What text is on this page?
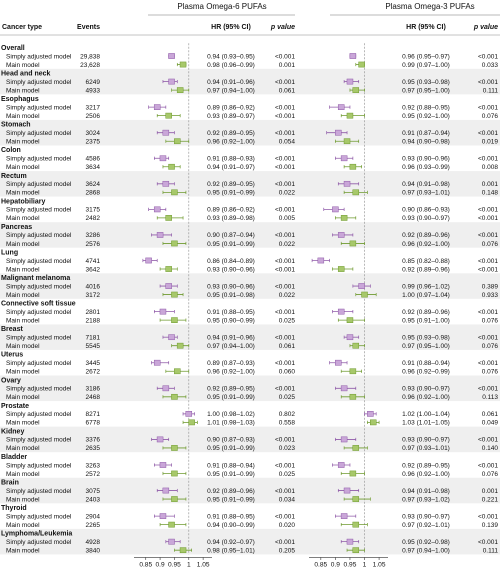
Plasma Omega-6 PUFAs	Plasma Omega-3 PUFAs
Cancer type	Events	HR (95% CI)	p value	HR (95% CI)	p value
0.85 0.9 0.95 1 1.05	0.85 0.9 0.95 1 1.05
Overall
Simply adjusted model 29,838	0.94 (0.93–0.95)	<0.001	0.96 (0.95–0.97)	<0.001
Main model	23,628	0.98 (0.96–0.99)	0.001	0.99 (0.97–1.00)	0.033
Head and neck
Simply adjusted model 6249	0.94 (0.91–0.96)	<0.001	0.95 (0.93–0.98)	<0.001
Main model	4933	0.97 (0.94–1.00)	0.061	0.97 (0.95–1.00)	0.111
Esophagus
Simply adjusted model 3217	0.89 (0.86–0.92)	<0.001	0.92 (0.88–0.95)	<0.001
Main model	2506	0.93 (0.89–0.97)	<0.001	0.95 (0.92–1.00)	0.076
Stomach
Simply adjusted model 3024	0.92 (0.89–0.95)	<0.001	0.91 (0.87–0.94)	<0.001
Main model	2375	0.96 (0.92–1.00)	0.054	0.94 (0.90–0.98)	0.019
Colon
Simply adjusted model 4586	0.91 (0.88–0.93)	<0.001	0.93 (0.90–0.96)	<0.001
Main model	3634	0.94 (0.91–0.97)	<0.001	0.96 (0.93–0.99)	0.008
Rectum
Simply adjusted model 3624	0.92 (0.89–0.95)	<0.001	0.94 (0.91–0.98)	0.001
Main model	2868	0.95 (0.91–0.99)	0.022	0.97 (0.93–1.01)	0.148
Hepatobiliary
Simply adjusted model 3175	0.89 (0.86–0.92)	<0.001	0.90 (0.86–0.93)	<0.001
Main model	2482	0.93 (0.89–0.98)	0.005	0.93 (0.90–0.97)	<0.001
Pancreas
Simply adjusted model 3286	0.90 (0.87–0.94)	<0.001	0.92 (0.89–0.96)	<0.001
Main model	2576	0.95 (0.91–0.99)	0.022	0.96 (0.92–1.00)	0.076
Lung
Simply adjusted model 4741	0.86 (0.84–0.89)	<0.001	0.85 (0.82–0.88)	<0.001
Main model	3642	0.93 (0.90–0.96)	<0.001	0.92 (0.89–0.96)	<0.001
Malignant melanoma
Simply adjusted model 4016	0.93 (0.90–0.96)	<0.001	0.99 (0.96–1.02)	0.389
Main model	3172	0.95 (0.91–0.98)	0.022	1.00 (0.97–1.04)	0.933
Connective soft tissue
Simply adjusted model 2801	0.91 (0.88–0.95)	<0.001	0.92 (0.89–0.96)	<0.001
Main model	2188	0.95 (0.90–0.99)	0.025	0.95 (0.91–1.00)	0.076
Breast
Simply adjusted model 7181	0.94 (0.91–0.96)	<0.001	0.95 (0.93–0.98)	<0.001
Main model	5545	0.97 (0.94–1.00)	0.061	0.97 (0.95–1.00)	0.076
Uterus
Simply adjusted model 3445	0.89 (0.87–0.93)	<0.001	0.91 (0.88–0.94)	<0.001
Main model	2672	0.96 (0.92–1.00)	0.060	0.96 (0.92–0.99)	0.076
Ovary
Simply adjusted model 3186	0.92 (0.89–0.95)	<0.001	0.93 (0.90–0.97)	<0.001
Main model	2468	0.95 (0.91–0.99)	0.025	0.96 (0.92–1.00)	0.113
Prostate
Simply adjusted model 8271	1.00 (0.98–1.02)	0.802	1.02 (1.00–1.04)	0.061
Main model	6778	1.01 (0.98–1.03)	0.558	1.03 (1.01–1.05)	0.049
Kidney
Simply adjusted model 3376	0.90 (0.87–0.93)	<0.001	0.93 (0.90–0.97)	<0.001
Main model	2635	0.95 (0.91–0.99)	0.023	0.97 (0.93–1.01)	0.140
Bladder
Simply adjusted model 3263	0.91 (0.88–0.94)	<0.001	0.92 (0.89–0.95)	<0.001
Main model	2572	0.95 (0.91–0.99)	0.025	0.96 (0.92–1.00)	0.076
Brain
Simply adjusted model 3075	0.92 (0.89–0.96)	<0.001	0.94 (0.91–0.98)	0.001
Main model	2403	0.95 (0.91–0.99)	0.034	0.97 (0.93–1.02)	0.221
Thyroid
Simply adjusted model 2904	0.91 (0.88–0.95)	<0.001	0.93 (0.90–0.97)	<0.001
Main model	2265	0.94 (0.90–0.99)	0.020	0.97 (0.92–1.01)	0.139
Lymphoma/Leukemia
Simply adjusted model 4928	0.94 (0.92–0.97)	<0.001	0.95 (0.92–0.98)	<0.001
Main model	3840	0.98 (0.95–1.01)	0.205	0.97 (0.94–1.00)	0.111
